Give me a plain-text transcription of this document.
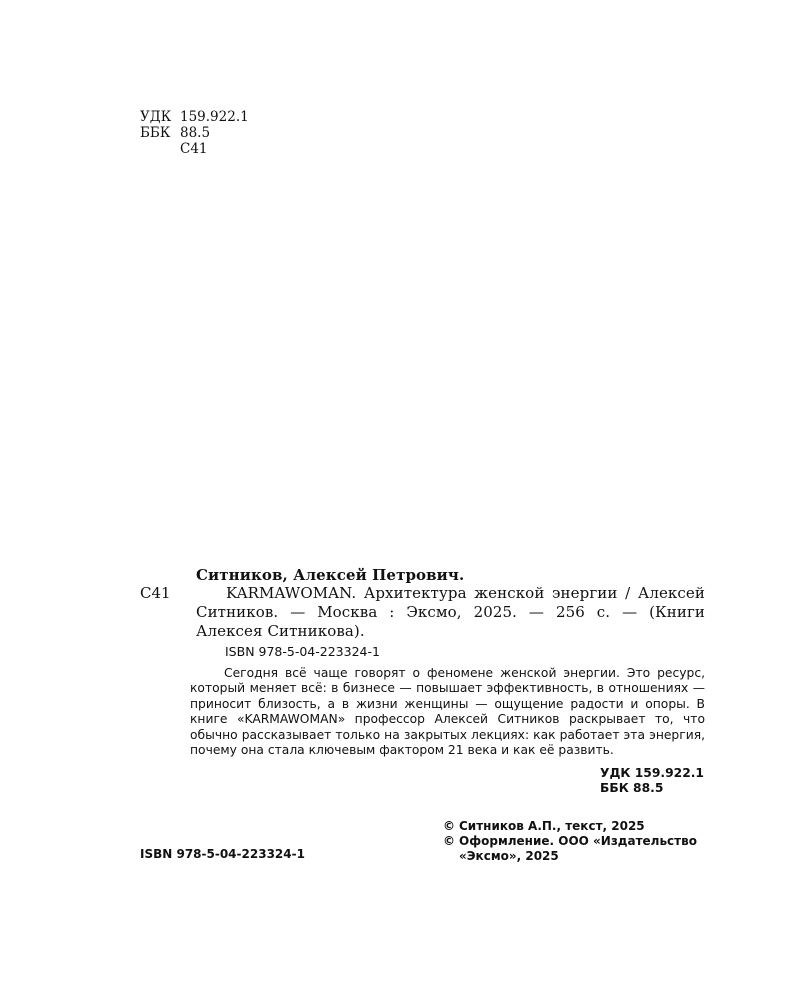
УДК 159.922.1
ББК 88.5
С41
Ситников, Алексей Петрович.
С41	KARMAWOMAN. Архитектура женской энергии / Алексей Ситников. — Москва : Эксмо, 2025. — 256 с. — (Книги Алексея Ситникова).
ISBN 978-5-04-223324-1
Сегодня всё чаще говорят о феномене женской энергии. Это ресурс, который меняет всё: в бизнесе — повышает эффективность, в отношениях — приносит близость, а в жизни женщины — ощущение радости и опоры. В книге «KARMAWOMAN» профессор Алексей Ситников раскрывает то, что обычно рассказывает только на закрытых лекциях: как работает эта энергия, почему она стала ключевым фактором 21 века и как её развить.
УДК 159.922.1
ББК 88.5
© Ситников А.П., текст, 2025
© Оформление. ООО «Издательство
«Эксмо», 2025
ISBN 978-5-04-223324-1
